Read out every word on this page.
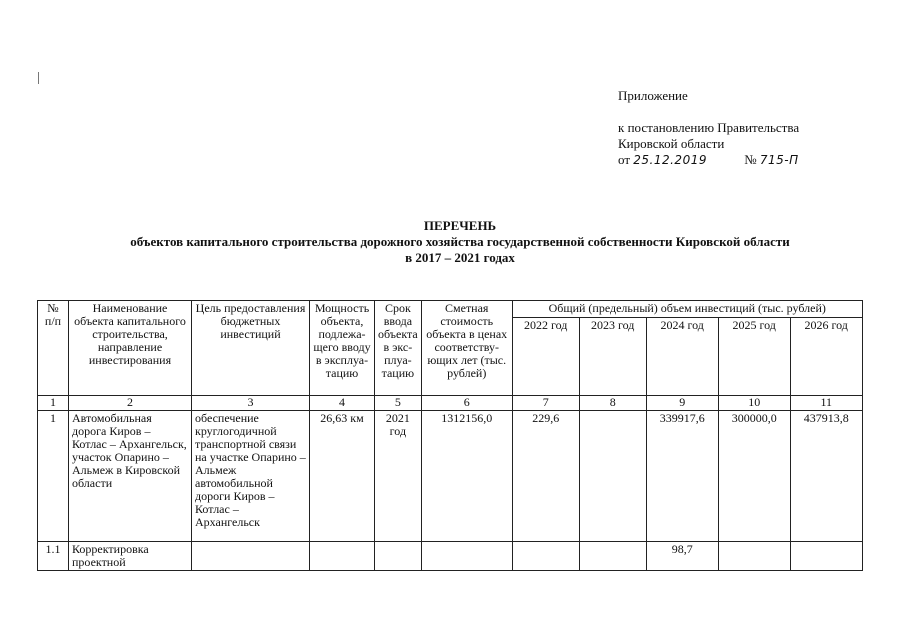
Приложение
к постановлению Правительства
Кировской области
от 25.12.2019	№ 715-П
ПЕРЕЧЕНЬ
объектов капитального строительства дорожного хозяйства государственной собственности Кировской области
в 2017 – 2021 годах
№ п/п	Наименование объекта капитального строительства, направление инвестирования	Цель предоставления бюджетных инвестиций	Мощность объекта, подлежа-щего вводу в эксплуа-тацию	Срок ввода объекта в экс-плуа-тацию	Сметная стоимость объекта в ценах соответству-ющих лет (тыс. рублей)	Общий (предельный) объем инвестиций (тыс. рублей)				
						2022 год	2023 год	2024 год	2025 год	2026 год
1	2	3	4	5	6	7	8	9	10	11
1	Автомобильная дорога Киров – Котлас – Архангельск, участок Опарино – Альмеж в Кировской области	обеспечение круглогодичной транспортной связи на участке Опарино – Альмеж автомобильной дороги Киров – Котлас – Архангельск	26,63 км	2021 год	1312156,0	229,6		339917,6	300000,0	437913,8
1.1	Корректировка проектной							98,7		
